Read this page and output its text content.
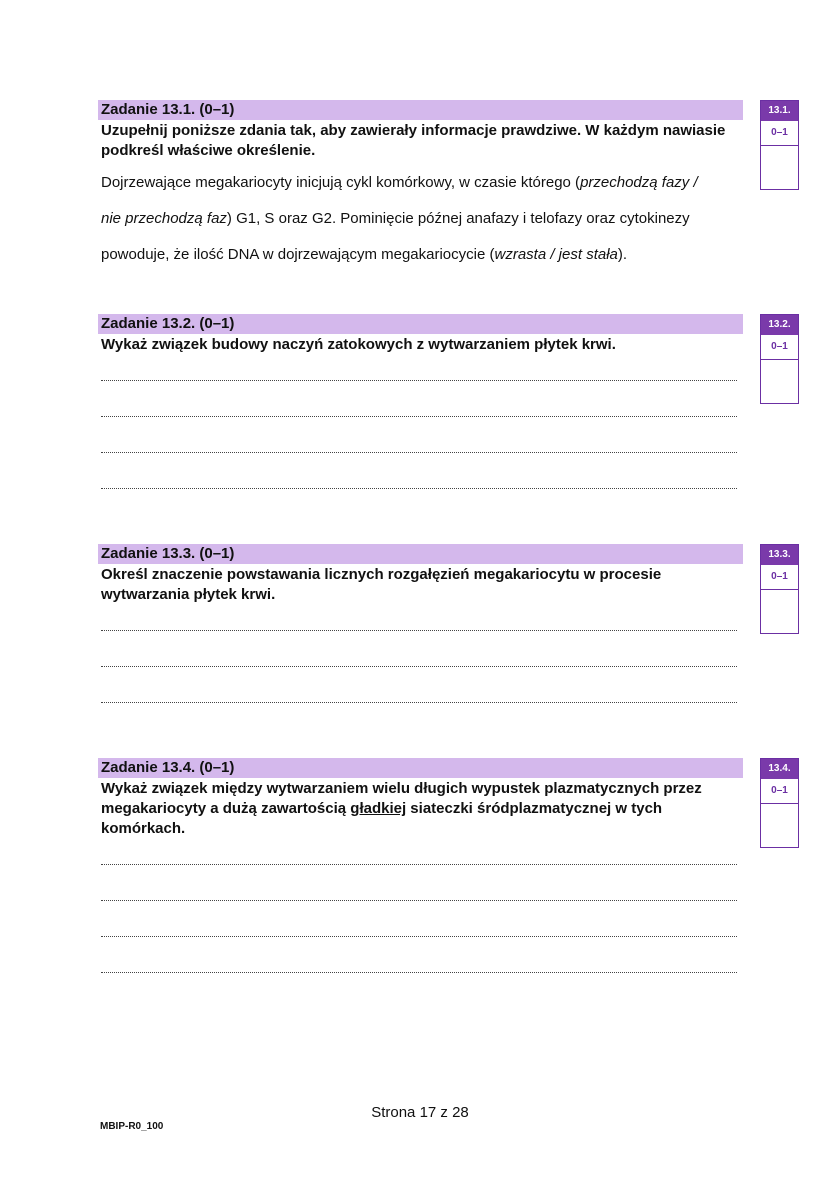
Zadanie 13.1. (0–1)
Uzupełnij poniższe zdania tak, aby zawierały informacje prawdziwe. W każdym nawiasie podkreśl właściwe określenie.
Dojrzewające megakariocyty inicjują cykl komórkowy, w czasie którego (przechodzą fazy /
nie przechodzą faz) G1, S oraz G2. Pominięcie późnej anafazy i telofazy oraz cytokinezy
powoduje, że ilość DNA w dojrzewającym megakariocycie (wzrasta / jest stała).
13.1.
0–1
Zadanie 13.2. (0–1)
Wykaż związek budowy naczyń zatokowych z wytwarzaniem płytek krwi.
13.2.
0–1
Zadanie 13.3. (0–1)
Określ znaczenie powstawania licznych rozgałęzień megakariocytu w procesie wytwarzania płytek krwi.
13.3.
0–1
Zadanie 13.4. (0–1)
Wykaż związek między wytwarzaniem wielu długich wypustek plazmatycznych przez megakariocyty a dużą zawartością gładkiej siateczki śródplazmatycznej w tych komórkach.
13.4.
0–1
Strona 17 z 28
MBIP-R0_100
